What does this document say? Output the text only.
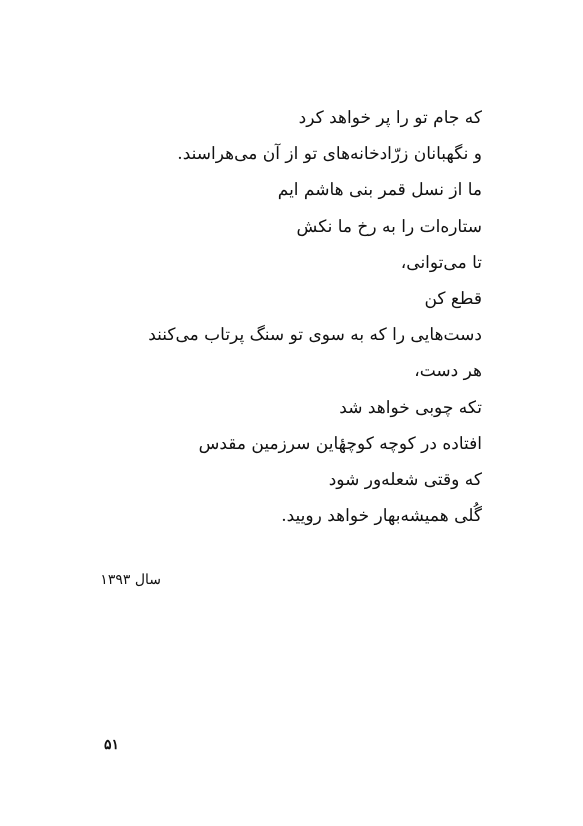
که جام تو را پر خواهد کرد
و نگهبانان زرّادخانه‌های تو از آن می‌هراسند.
ما از نسل قمر بنی هاشم ایم
ستاره‌ات را به رخ ما نکش
تا می‌توانی،
قطع کن
دست‌هایی را که به سوی تو سنگ پرتاب می‌کنند
هر دست،
تکه چوبی خواهد شد
افتاده در کوچه کوچهٔاین سرزمین مقدس
که وقتی شعله‌ور شود
گُلی همیشه‌بهار خواهد رویید.
سال ۱۳۹۳
۵۱
